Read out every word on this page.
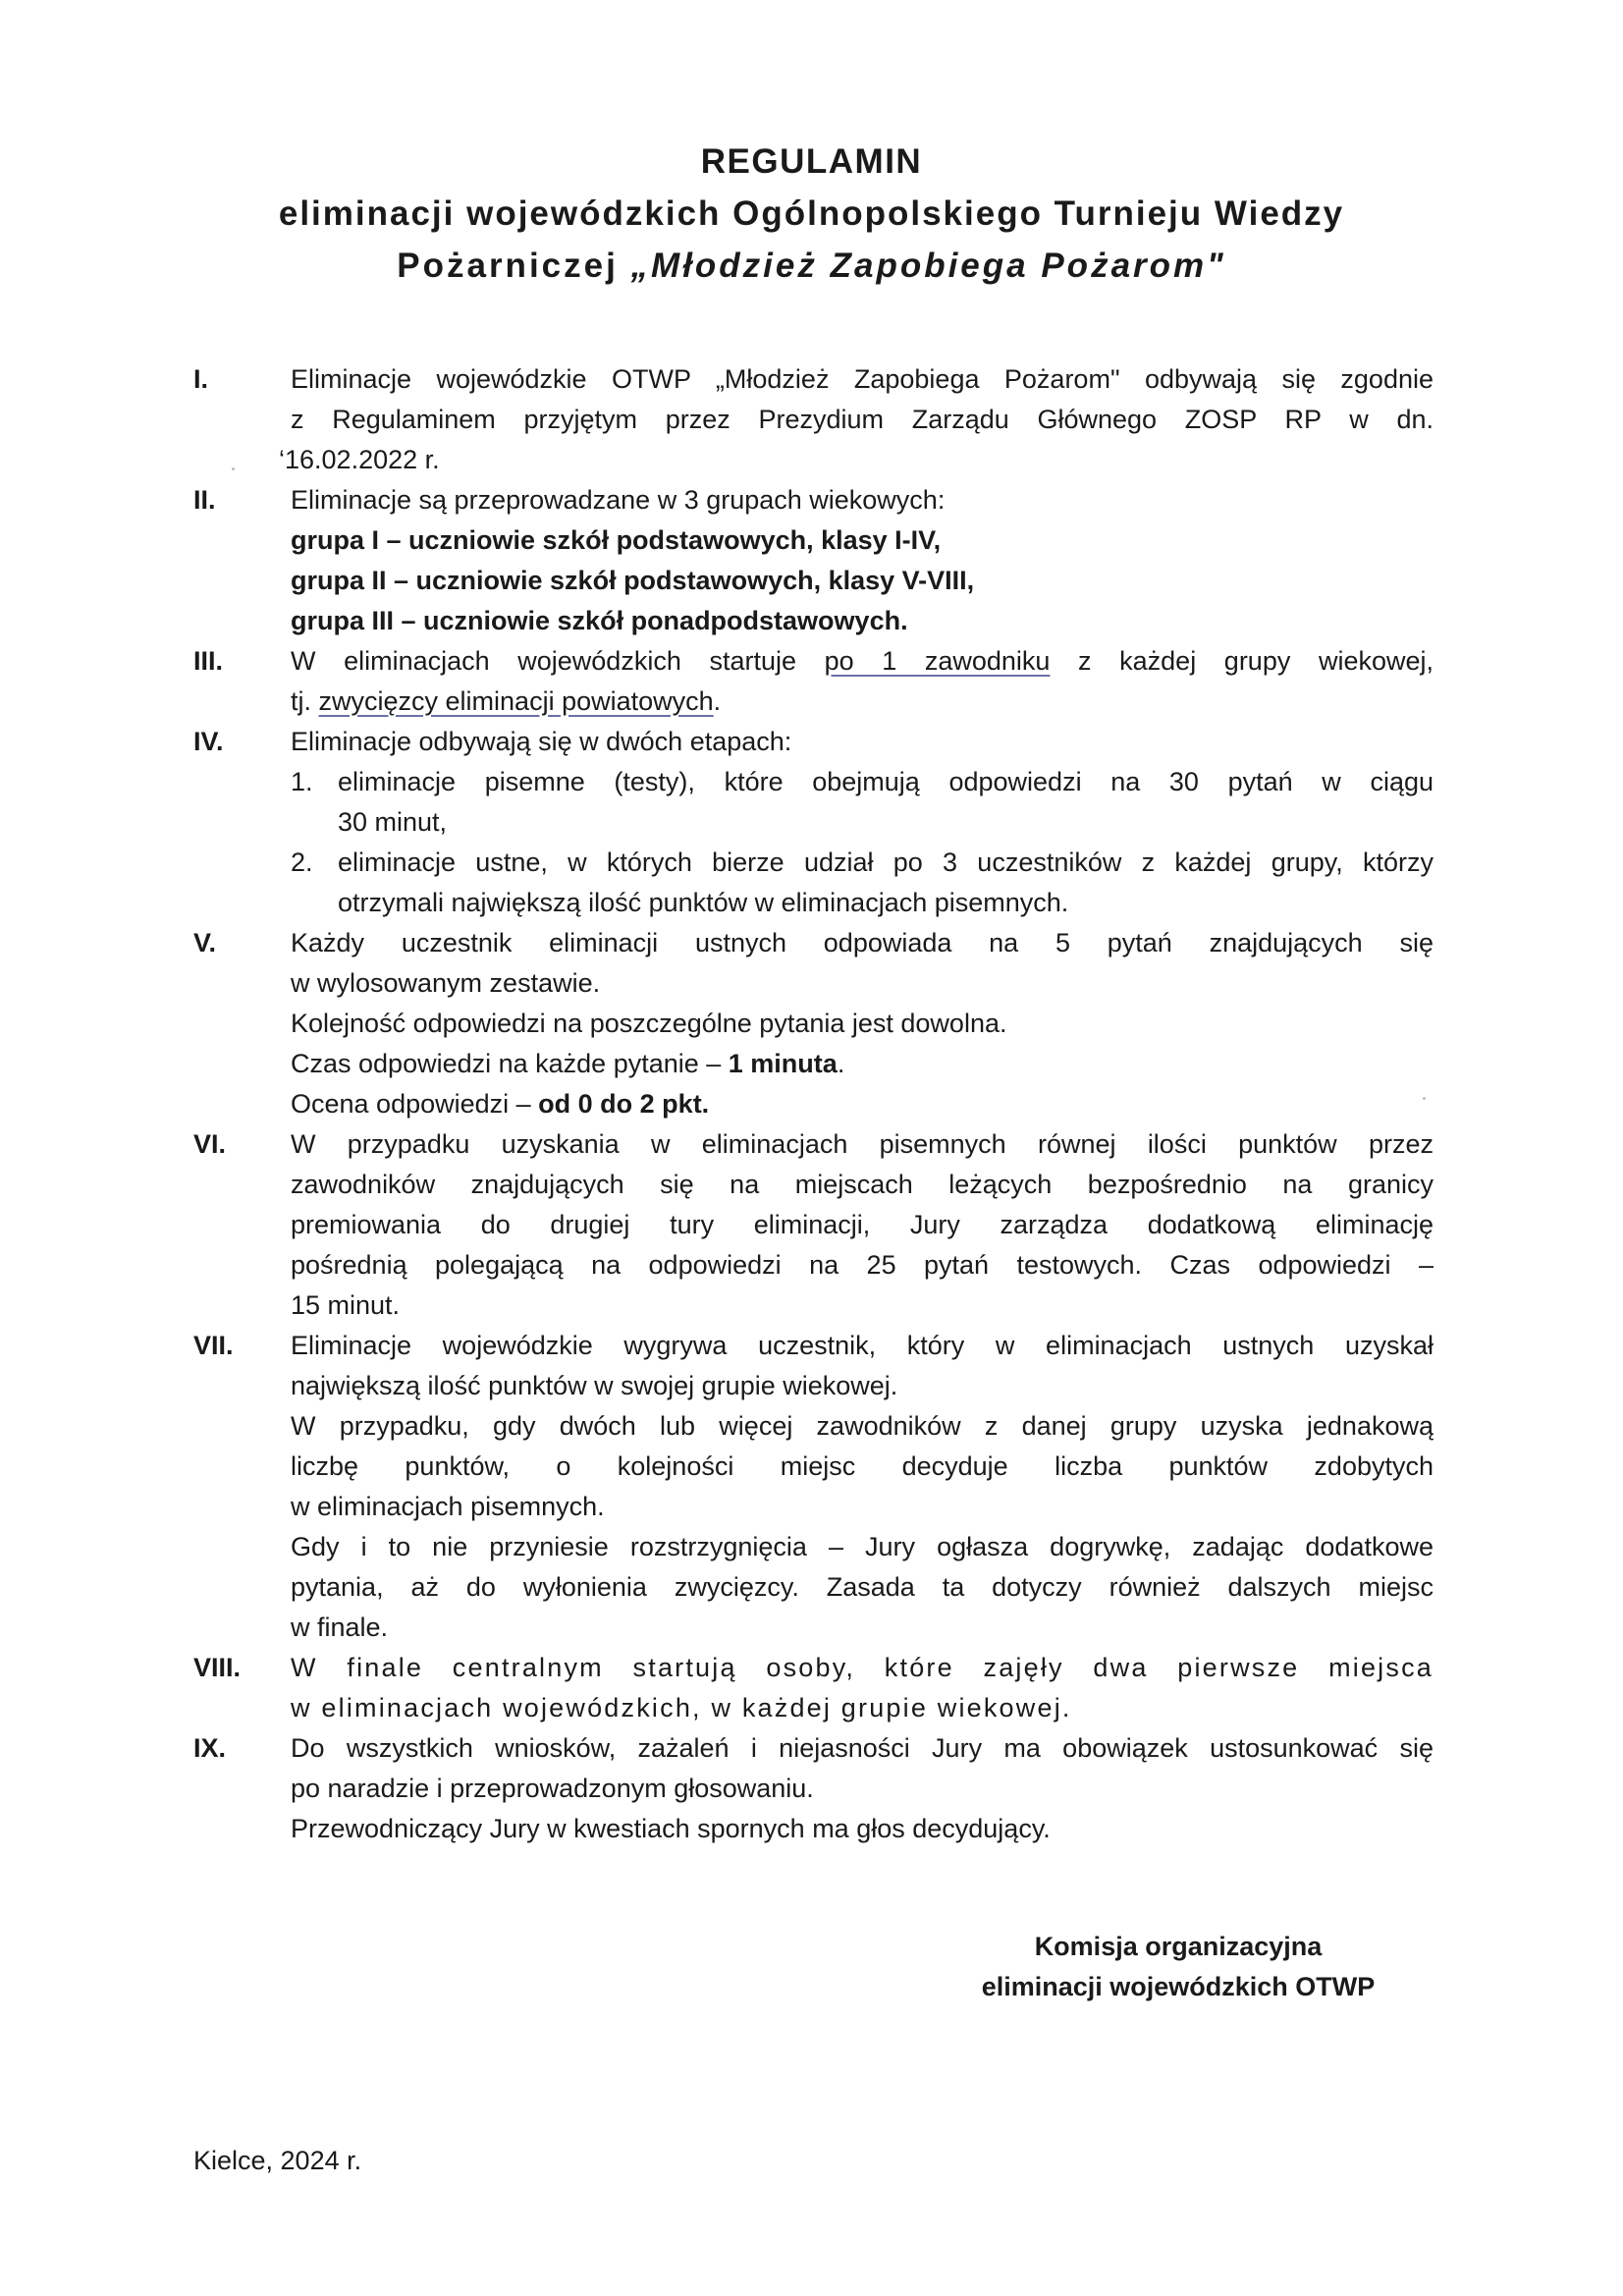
REGULAMIN
eliminacji wojewódzkich Ogólnopolskiego Turnieju Wiedzy
Pożarniczej „Młodzież Zapobiega Pożarom"
I.	Eliminacje wojewódzkie OTWP „Młodzież Zapobiega Pożarom" odbywają się zgodnie
z Regulaminem przyjętym przez Prezydium Zarządu Głównego ZOSP RP w dn.
‘16.02.2022 r.
II.	Eliminacje są przeprowadzane w 3 grupach wiekowych:
grupa I – uczniowie szkół podstawowych, klasy I-IV,
grupa II – uczniowie szkół podstawowych, klasy V-VIII,
grupa III – uczniowie szkół ponadpodstawowych.
III.	W eliminacjach wojewódzkich startuje po 1 zawodniku z każdej grupy wiekowej,
tj. zwycięzcy eliminacji powiatowych.
IV.	Eliminacje odbywają się w dwóch etapach:
1. eliminacje pisemne (testy), które obejmują odpowiedzi na 30 pytań w ciągu
30 minut,
2. eliminacje ustne, w których bierze udział po 3 uczestników z każdej grupy, którzy
otrzymali największą ilość punktów w eliminacjach pisemnych.
V.	Każdy uczestnik eliminacji ustnych odpowiada na 5 pytań znajdujących się
w wylosowanym zestawie.
Kolejność odpowiedzi na poszczególne pytania jest dowolna.
Czas odpowiedzi na każde pytanie – 1 minuta.
Ocena odpowiedzi – od 0 do 2 pkt.
VI. W przypadku uzyskania w eliminacjach pisemnych równej ilości punktów przez
zawodników znajdujących się na miejscach leżących bezpośrednio na granicy
premiowania do drugiej tury eliminacji, Jury zarządza dodatkową eliminację
pośrednią polegającą na odpowiedzi na 25 pytań testowych. Czas odpowiedzi –
15 minut.
VII. Eliminacje wojewódzkie wygrywa uczestnik, który w eliminacjach ustnych uzyskał
największą ilość punktów w swojej grupie wiekowej.
W przypadku, gdy dwóch lub więcej zawodników z danej grupy uzyska jednakową
liczbę punktów, o kolejności miejsc decyduje liczba punktów zdobytych
w eliminacjach pisemnych.
Gdy i to nie przyniesie rozstrzygnięcia – Jury ogłasza dogrywkę, zadając dodatkowe
pytania, aż do wyłonienia zwycięzcy. Zasada ta dotyczy również dalszych miejsc
w finale.
VIII. W finale centralnym startują osoby, które zajęły dwa pierwsze miejsca
w eliminacjach wojewódzkich, w każdej grupie wiekowej.
IX. Do wszystkich wniosków, zażaleń i niejasności Jury ma obowiązek ustosunkować się
po naradzie i przeprowadzonym głosowaniu.
Przewodniczący Jury w kwestiach spornych ma głos decydujący.
Komisja organizacyjna
eliminacji wojewódzkich OTWP
Kielce, 2024 r.
